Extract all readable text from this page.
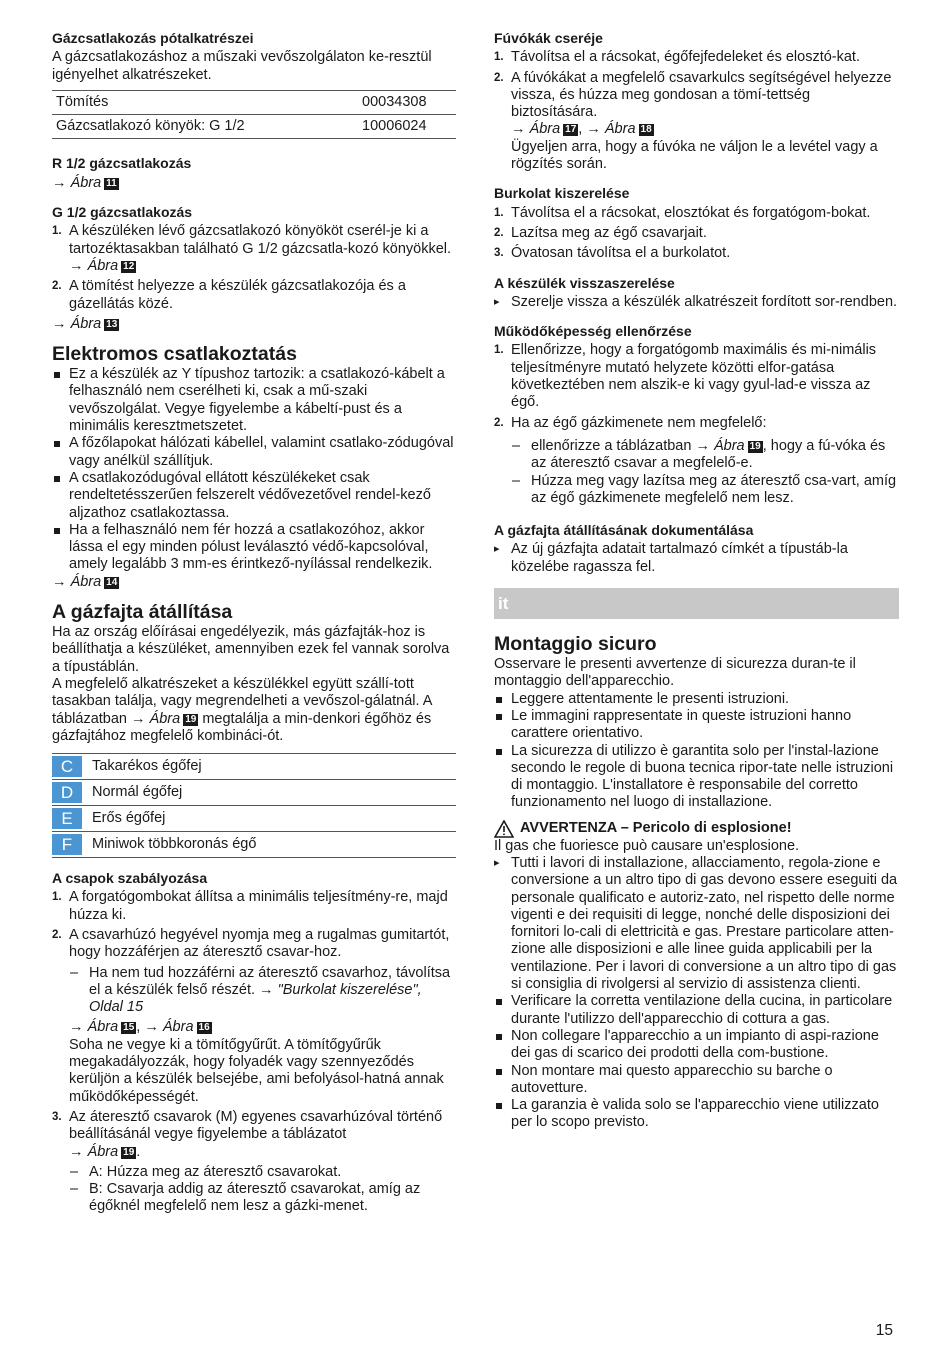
Gázcsatlakozás pótalkatrészei

A gázcsatlakozáshoz a műszaki vevőszolgálaton ke-resztül igényelhet alkatrészeket.

Tömítés	00034308
Gázcsatlakozó könyök: G 1/2	10006024

R 1/2 gázcsatlakozás

→ Ábra 11

G 1/2 gázcsatlakozás

1. A készüléken lévő gázcsatlakozó könyököt cserél-je ki a tartozéktasakban található G 1/2 gázcsatla-kozó könyökkel.
→ Ábra 12
2. A tömítést helyezze a készülék gázcsatlakozója és a gázellátás közé.

→ Ábra 13

Elektromos csatlakoztatás

Ez a készülék az Y típushoz tartozik: a csatlakozó-kábelt a felhasználó nem cserélheti ki, csak a mű-szaki vevőszolgálat. Vegye figyelembe a kábeltí-pust és a minimális keresztmetszetet.
A főzőlapokat hálózati kábellel, valamint csatlako-zódugóval vagy anélkül szállítjuk.
A csatlakozódugóval ellátott készülékeket csak rendeltetésszerűen felszerelt védővezetővel rendel-kező aljzathoz csatlakoztassa.
Ha a felhasználó nem fér hozzá a csatlakozóhoz, akkor lássa el egy minden pólust leválasztó védő-kapcsolóval, amely legalább 3 mm-es érintkező-nyílással rendelkezik.

→ Ábra 14

A gázfajta átállítása

Ha az ország előírásai engedélyezik, más gázfajták-hoz is beállíthatja a készüléket, amennyiben ezek fel vannak sorolva a típustáblán.

A megfelelő alkatrészeket a készülékkel együtt szállí-tott tasakban találja, vagy megrendelheti a vevőszol-gálatnál. A táblázatban → Ábra 19 megtalálja a min-denkori égőhöz és gázfajtához megfelelő kombináci-ót.

C	Takarékos égőfej
D	Normál égőfej
E	Erős égőfej
F	Miniwok többkoronás égő

A csapok szabályozása

1. A forgatógombokat állítsa a minimális teljesítmény-re, majd húzza ki.
2. A csavarhúzó hegyével nyomja meg a rugalmas gumitartót, hogy hozzáférjen az áteresztő csavar-hoz.
– Ha nem tud hozzáférni az áteresztő csavarhoz, távolítsa el a készülék felső részét. → "Burkolat kiszerelése", Oldal 15
→ Ábra 15 , → Ábra 16
Soha ne vegye ki a tömítőgyűrűt. A tömítőgyűrűk megakadályozzák, hogy folyadék vagy szennyeződés kerüljön a készülék belsejébe, ami befolyásol-hatná annak működőképességét.
3. Az áteresztő csavarok (M) egyenes csavarhúzóval történő beállításánál vegye figyelembe a táblázatot
→ Ábra 19 .
– A: Húzza meg az áteresztő csavarokat.
– B: Csavarja addig az áteresztő csavarokat, amíg az égőknél megfelelő nem lesz a gázki-menet.

Fúvókák cseréje

1. Távolítsa el a rácsokat, égőfejfedeleket és elosztó-kat.
2. A fúvókákat a megfelelő csavarkulcs segítségével helyezze vissza, és húzza meg gondosan a tömí-tettség biztosítására.
→ Ábra 17 , → Ábra 18
Ügyeljen arra, hogy a fúvóka ne váljon le a levétel vagy a rögzítés során.

Burkolat kiszerelése

1. Távolítsa el a rácsokat, elosztókat és forgatógom-bokat.
2. Lazítsa meg az égő csavarjait.
3. Óvatosan távolítsa el a burkolatot.

A készülék visszaszerelése

▸ Szerelje vissza a készülék alkatrészeit fordított sor-rendben.

Működőképesség ellenőrzése

1. Ellenőrizze, hogy a forgatógomb maximális és mi-nimális teljesítményre mutató helyzete közötti elfor-gatása következtében nem alszik-e ki vagy gyul-lad-e vissza az égő.
2. Ha az égő gázkimenete nem megfelelő:
– ellenőrizze a táblázatban → Ábra 19 , hogy a fú-vóka és az áteresztő csavar a megfelelő-e.
– Húzza meg vagy lazítsa meg az áteresztő csa-vart, amíg az égő gázkimenete megfelelő nem lesz.

A gázfajta átállításának dokumentálása

▸ Az új gázfajta adatait tartalmazó címkét a típustáb-la közelébe ragassza fel.
it

Montaggio sicuro

Osservare le presenti avvertenze di sicurezza duran-te il montaggio dell'apparecchio.

Leggere attentamente le presenti istruzioni.
Le immagini rappresentate in queste istruzioni hanno carattere orientativo.
La sicurezza di utilizzo è garantita solo per l'instal-lazione secondo le regole di buona tecnica ripor-tate nelle istruzioni di montaggio. L'installatore è responsabile del corretto funzionamento nel luogo di installazione.
AVVERTENZA – Pericolo di esplosione!

Il gas che fuoriesce può causare un'esplosione.

▸ Tutti i lavori di installazione, allacciamento, regola-zione e conversione a un altro tipo di gas devono essere eseguiti da personale qualificato e autoriz-zato, nel rispetto delle norme vigenti e dei requisiti di legge, nonché delle disposizioni dei fornitori lo-cali di elettricità e gas. Prestare particolare atten-zione alle disposizioni e alle linee guida applicabili per la ventilazione. Per i lavori di conversione a un altro tipo di gas si consiglia di rivolgersi al servizio di assistenza clienti.
Verificare la corretta ventilazione della cucina, in particolare durante l'utilizzo dell'apparecchio di cottura a gas.
Non collegare l'apparecchio a un impianto di aspi-razione dei gas di scarico dei prodotti della com-bustione.
Non montare mai questo apparecchio su barche o autovetture.
La garanzia è valida solo se l'apparecchio viene utilizzato per lo scopo previsto.
15
